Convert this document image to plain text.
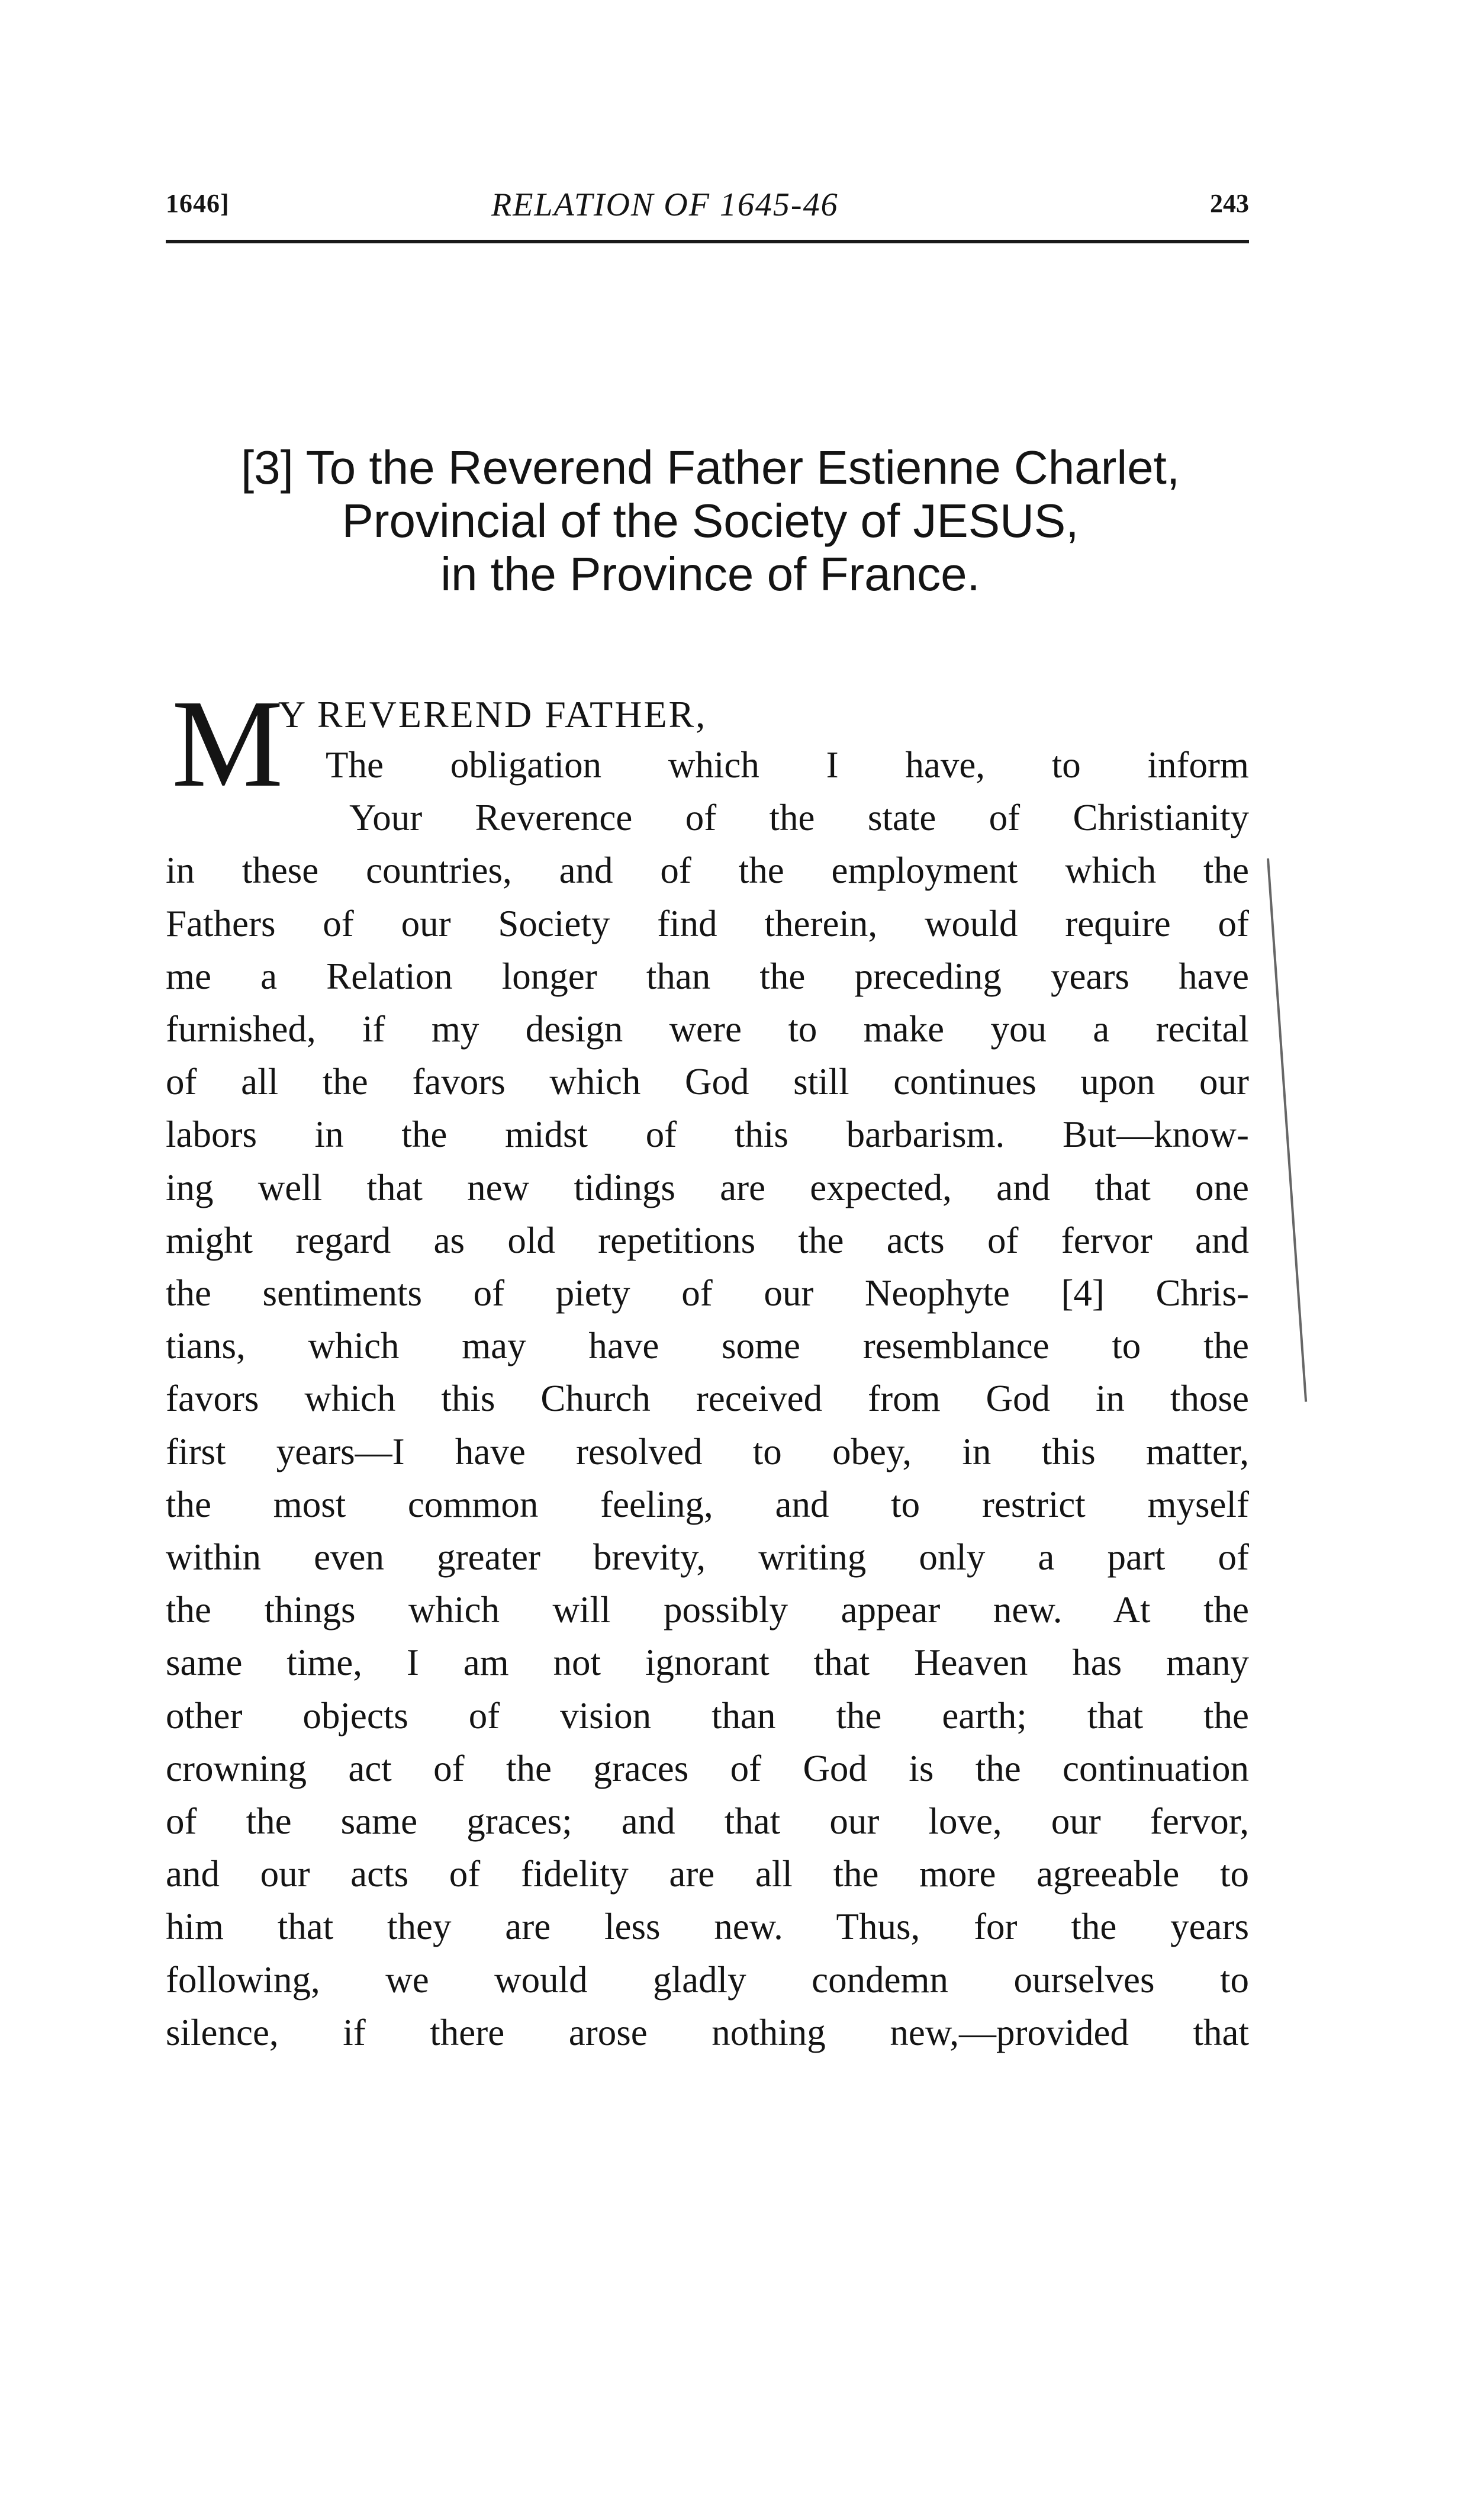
1646]	RELATION OF 1645-46	243
[3] To the Reverend Father Estienne Charlet,
Provincial of the Society of JESUS,
in the Province of France.
M
Y REVEREND FATHER,
The obligation which I have, to inform
Your Reverence of the state of Christianity
in these countries, and of the employment which the
Fathers of our Society find therein, would require of
me a Relation longer than the preceding years have
furnished, if my design were to make you a recital
of all the favors which God still continues upon our
labors in the midst of this barbarism. But—know-
ing well that new tidings are expected, and that one
might regard as old repetitions the acts of fervor and
the sentiments of piety of our Neophyte [4] Chris-
tians, which may have some resemblance to the
favors which this Church received from God in those
first years—I have resolved to obey, in this matter,
the most common feeling, and to restrict myself
within even greater brevity, writing only a part of
the things which will possibly appear new. At the
same time, I am not ignorant that Heaven has many
other objects of vision than the earth; that the
crowning act of the graces of God is the continuation
of the same graces; and that our love, our fervor,
and our acts of fidelity are all the more agreeable to
him that they are less new. Thus, for the years
following, we would gladly condemn ourselves to
silence, if there arose nothing new,—provided that
